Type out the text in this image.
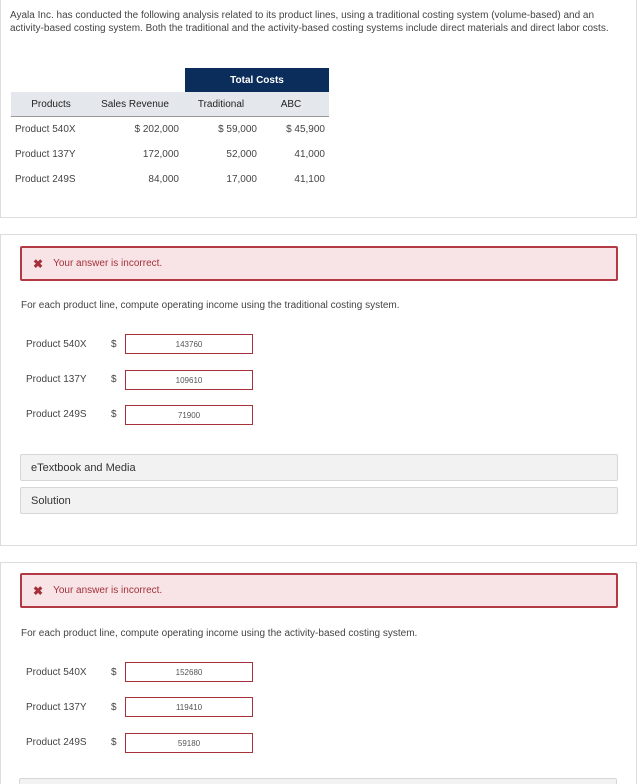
Ayala Inc. has conducted the following analysis related to its product lines, using a traditional costing system (volume-based) and an activity-based costing system. Both the traditional and the activity-based costing systems include direct materials and direct labor costs.
		Total Costs	
Products	Sales Revenue	Traditional	ABC
Product 540X	$ 202,000	$ 59,000	$ 45,900
Product 137Y	172,000	52,000	41,000
Product 249S	84,000	17,000	41,100
✖ Your answer is incorrect.
For each product line, compute operating income using the traditional costing system.
Product 540X $	143760
Product 137Y $	109610
Product 249S $	71900
eTextbook and Media
Solution
✖ Your answer is incorrect.
For each product line, compute operating income using the activity-based costing system.
Product 540X $	152680
Product 137Y $	119410
Product 249S $	59180
